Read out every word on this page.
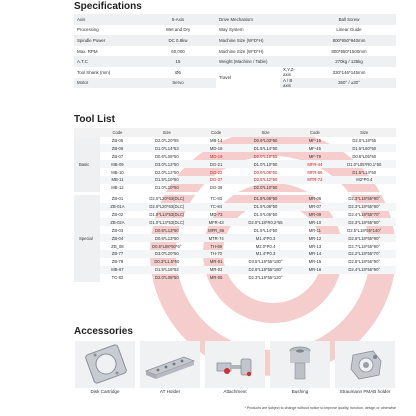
Specifications
Axis	5-Axis	Drive Mechanism		Ball Screw
Processing	Wet and Dry	Way System		Linear Guide
Spindle Power	DC 0.8kw	Machine Size (W*D*H)		800*950*940mm
Max. RPM	60,000	Machine Size (W*D*H)		800*950*1500mm
A.T.C	15	Weight (Machine / Table)		270kg / 135kg
Tool Shank (mm)	Ø6	Travel	X,Y,Z-axis	330*146*145mm
Motor	Servo		A / B axis	360° / ±30°
Tool List
	Code	Size	Code	Size	Code	Size
Basic	ZB-05	D2.0*L20*55	MB-14	D0.6*L03*50	MF-15	D2.0*L18*55
	ZB-06	D1.0*L14*53	MD-18	D1.5*L14*50	MF-45	D1.5*L60*50
	ZB-07	D0.6*L08*50	MD-19	D2.0*L18*55	MF-79	D0.6*L05*50
	MB-09	D3.0*L12*50	DG-21	D1.0*L10*50	MFR-44	D1.0*L05*R0.1*50
	MB-10	D2.0*L12*50	DG-22	D0.6*L08*50	MFR-66	D1.5*L14*50
	MB-11	D1.5*L10*50	DG-37	D2.5*L12*50	MTR-72	M2*P0.4
	MB-12	D1.0*L10*50	DG-38	D2.0*L10*50		

Special	ZB-01	D2.0*L20*63(DLC)	TC-83	D1.8*L08*50	MR-06	D2.3*L18*55*90°
	ZB-01A	D2.0*L20*63(DLC)	TC-84	D1.5*L08*50	MR-07	D2.3*L18*55*80°
	ZB-02	D1.0*L14*53(DLC)	MD-73	D1.5*L05*50	MR-09	D2.4*L18*55*70°
	ZB-02A	D1.0*L14*53(DLC)	MFR-43	D2.0*L18*R0.2*55	MR-10	D2.3*L18*55*60°
	ZB-03	D0.6*L13*50	MFR_66	D1.5*L14*50	MR-11	D2.5*L18*55*140°
	ZB-04	D0.6*L13*50	MTR-74	M1.4*P0.3	MR-12	D2.6*L18*55*90°
	ZB_08	D0.5*L08*50*6°	TH-69	M2.0*P0.4	MR-13	D2.7*L18*55*90°
	ZB-77	D3.0*L20*50	TH-70	M1.4*P0.3	MR-14	D2.2*L18*55*70°
	ZB-78	D0.3*L1.5*50	MR-01	D3.5*L18*55*180°	MR-15	D2.6*L18*55*90°
	MB-67	D1.5*L16*52	MR-02	D2.6*L18*55*180°	MR-16	D2.4*L18*55*90°
	TC-82	D2.0*L08*50	MR-05	D2.3*L18*55*120°		
Accessories
Disk Cartridge	AT Holder	Attachment	Bushing	Straumann PMAB holder
* Products are subject to change without notice to improve quality, function, design or otherwise
